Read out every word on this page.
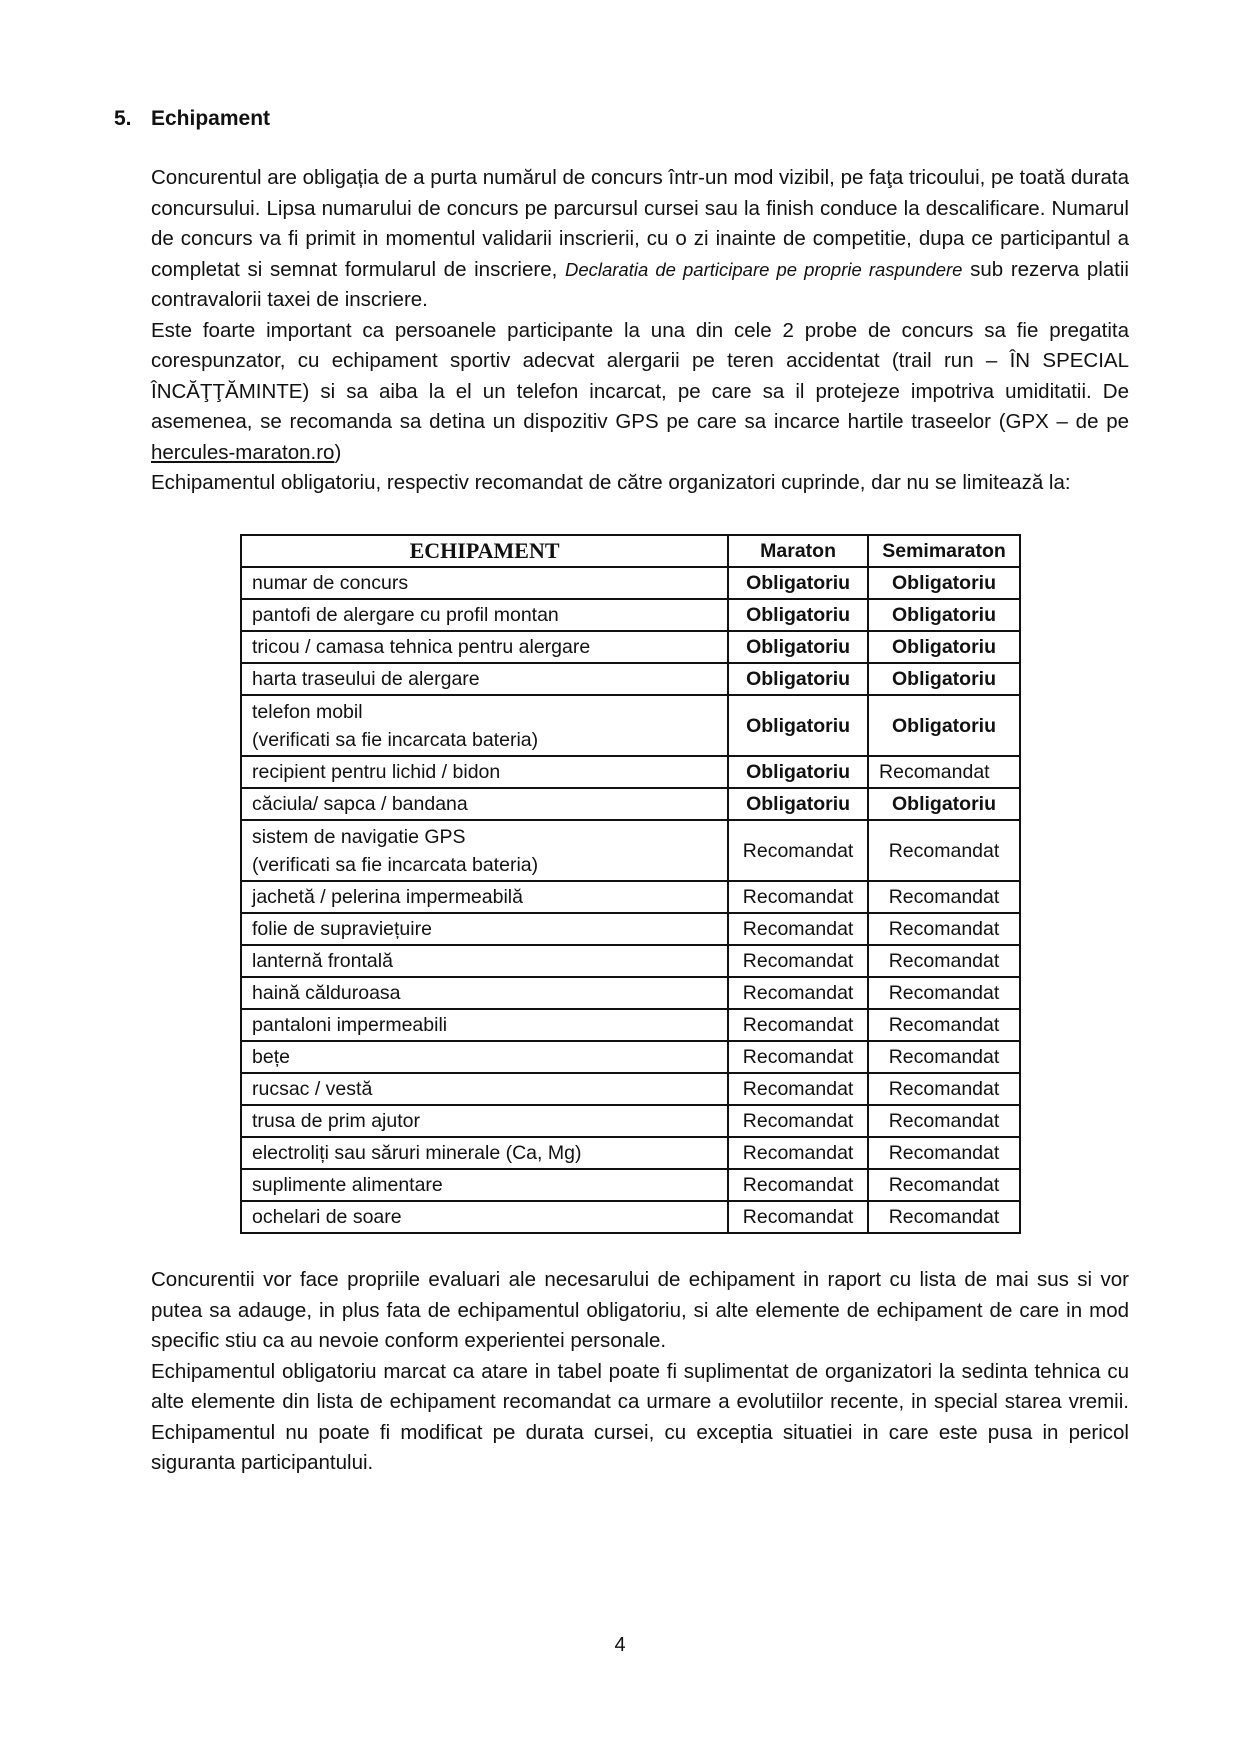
5. Echipament

Concurentul are obligația de a purta numărul de concurs într-un mod vizibil, pe faţa tricoului, pe toată durata concursului. Lipsa numarului de concurs pe parcursul cursei sau la finish conduce la descalificare. Numarul de concurs va fi primit in momentul validarii inscrierii, cu o zi inainte de competitie, dupa ce participantul a completat si semnat formularul de inscriere, Declaratia de participare pe proprie raspundere sub rezerva platii contravalorii taxei de inscriere.

Este foarte important ca persoanele participante la una din cele 2 probe de concurs sa fie pregatita corespunzator, cu echipament sportiv adecvat alergarii pe teren accidentat (trail run – ÎN SPECIAL ÎNCĂŢŢĂMINTE) si sa aiba la el un telefon incarcat, pe care sa il protejeze impotriva umiditatii. De asemenea, se recomanda sa detina un dispozitiv GPS pe care sa incarce hartile traseelor (GPX – de pe hercules-maraton.ro)

Echipamentul obligatoriu, respectiv recomandat de către organizatori cuprinde, dar nu se limitează la:

ECHIPAMENT	Maraton	Semimaraton
numar de concurs	Obligatoriu	Obligatoriu
pantofi de alergare cu profil montan	Obligatoriu	Obligatoriu
tricou / camasa tehnica pentru alergare	Obligatoriu	Obligatoriu
harta traseului de alergare	Obligatoriu	Obligatoriu
telefon mobil
(verificati sa fie incarcata bateria)	Obligatoriu	Obligatoriu
recipient pentru lichid / bidon	Obligatoriu	Recomandat
căciula/ sapca / bandana	Obligatoriu	Obligatoriu
sistem de navigatie GPS
(verificati sa fie incarcata bateria)	Recomandat	Recomandat
jachetă / pelerina impermeabilă	Recomandat	Recomandat
folie de supraviețuire	Recomandat	Recomandat
lanternă frontală	Recomandat	Recomandat
haină călduroasa	Recomandat	Recomandat
pantaloni impermeabili	Recomandat	Recomandat
bețe	Recomandat	Recomandat
rucsac / vestă	Recomandat	Recomandat
trusa de prim ajutor	Recomandat	Recomandat
electroliți sau săruri minerale (Ca, Mg)	Recomandat	Recomandat
suplimente alimentare	Recomandat	Recomandat
ochelari de soare	Recomandat	Recomandat

Concurentii vor face propriile evaluari ale necesarului de echipament in raport cu lista de mai sus si vor putea sa adauge, in plus fata de echipamentul obligatoriu, si alte elemente de echipament de care in mod specific stiu ca au nevoie conform experientei personale.

Echipamentul obligatoriu marcat ca atare in tabel poate fi suplimentat de organizatori la sedinta tehnica cu alte elemente din lista de echipament recomandat ca urmare a evolutiilor recente, in special starea vremii. Echipamentul nu poate fi modificat pe durata cursei, cu exceptia situatiei in care este pusa in pericol siguranta participantului.

4
